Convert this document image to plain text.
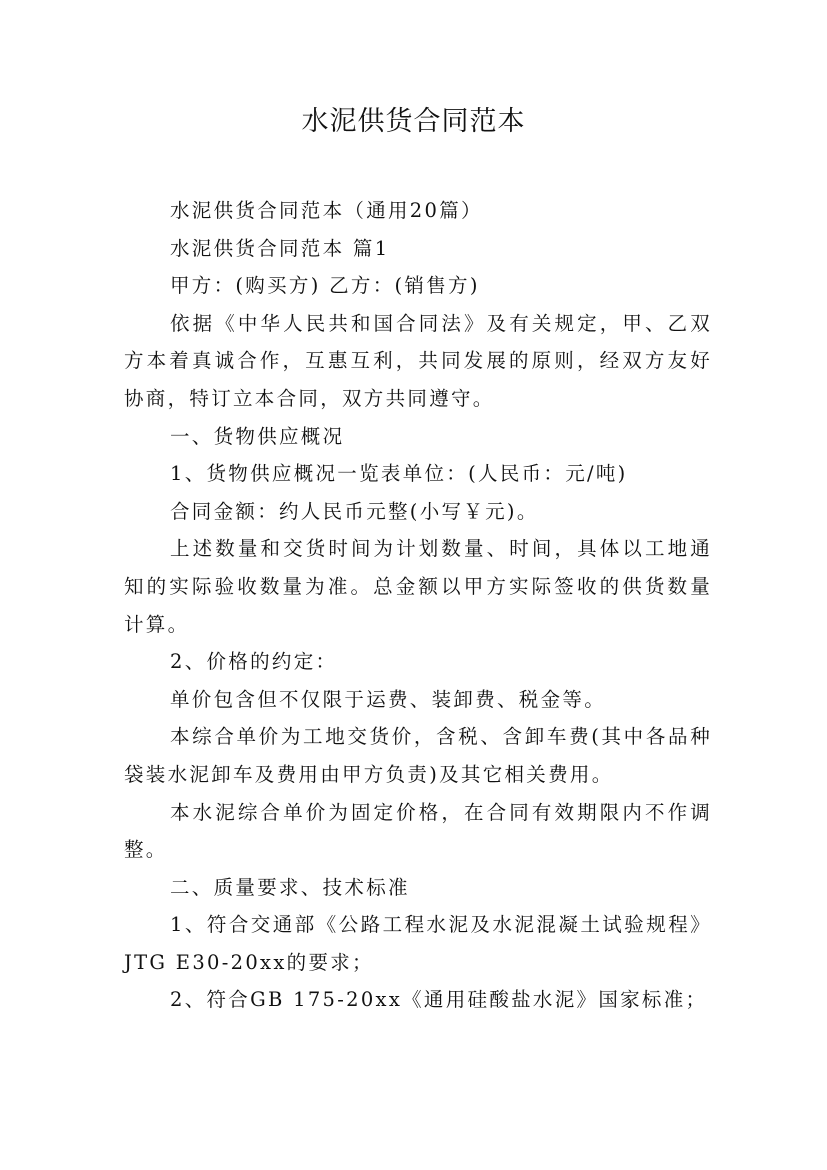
水泥供货合同范本

水泥供货合同范本（通用20篇）

水泥供货合同范本 篇1

甲方：(购买方) 乙方：(销售方)

依据《中华人民共和国合同法》及有关规定，甲、乙双方本着真诚合作，互惠互利，共同发展的原则，经双方友好协商，特订立本合同，双方共同遵守。

一、货物供应概况

1、货物供应概况一览表单位：(人民币：元/吨)

合同金额：约人民币元整(小写￥元)。

上述数量和交货时间为计划数量、时间，具体以工地通知的实际验收数量为准。总金额以甲方实际签收的供货数量计算。

2、价格的约定：

单价包含但不仅限于运费、装卸费、税金等。

本综合单价为工地交货价，含税、含卸车费(其中各品种袋装水泥卸车及费用由甲方负责)及其它相关费用。

本水泥综合单价为固定价格，在合同有效期限内不作调整。

二、质量要求、技术标准

1、符合交通部《公路工程水泥及水泥混凝土试验规程》JTG E30-20xx的要求；

2、符合GB 175-20xx《通用硅酸盐水泥》国家标准；
